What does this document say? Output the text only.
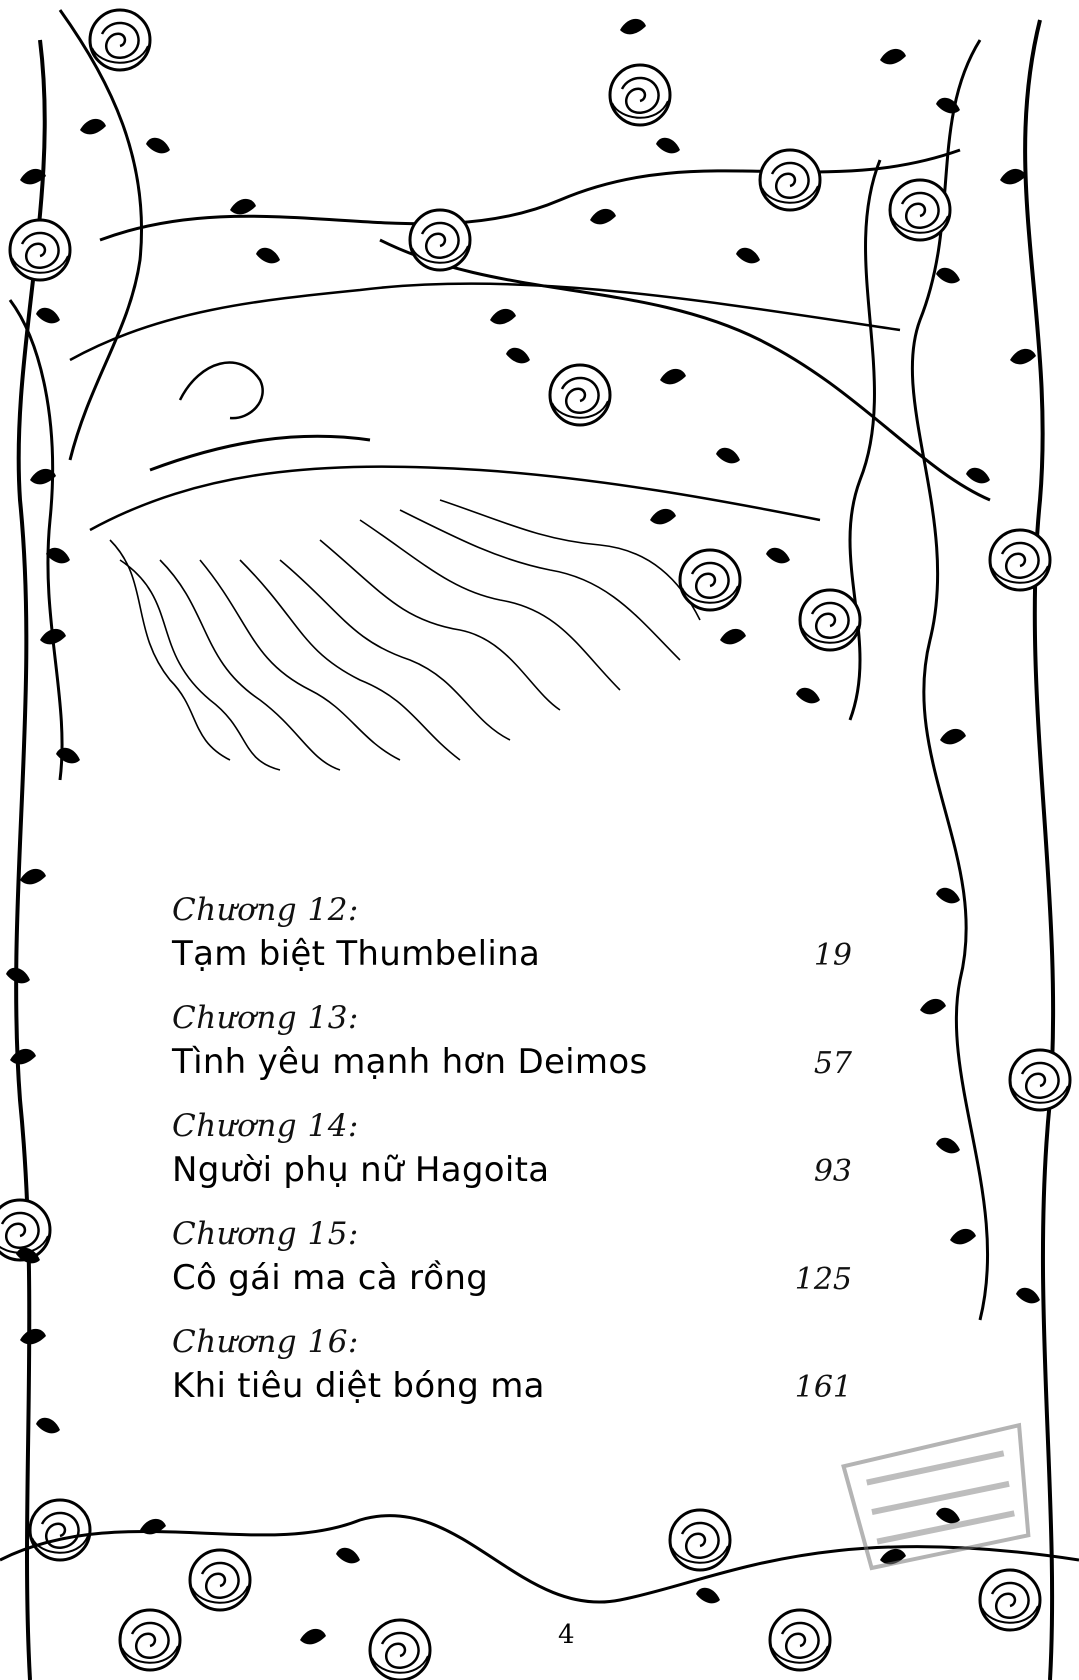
Chương 12:
Tạm biệt Thumbelina	19
Chương 13:
Tình yêu mạnh hơn Deimos	57
Chương 14:
Người phụ nữ Hagoita	93
Chương 15:
Cô gái ma cà rồng	125
Chương 16:
Khi tiêu diệt bóng ma	161
4
